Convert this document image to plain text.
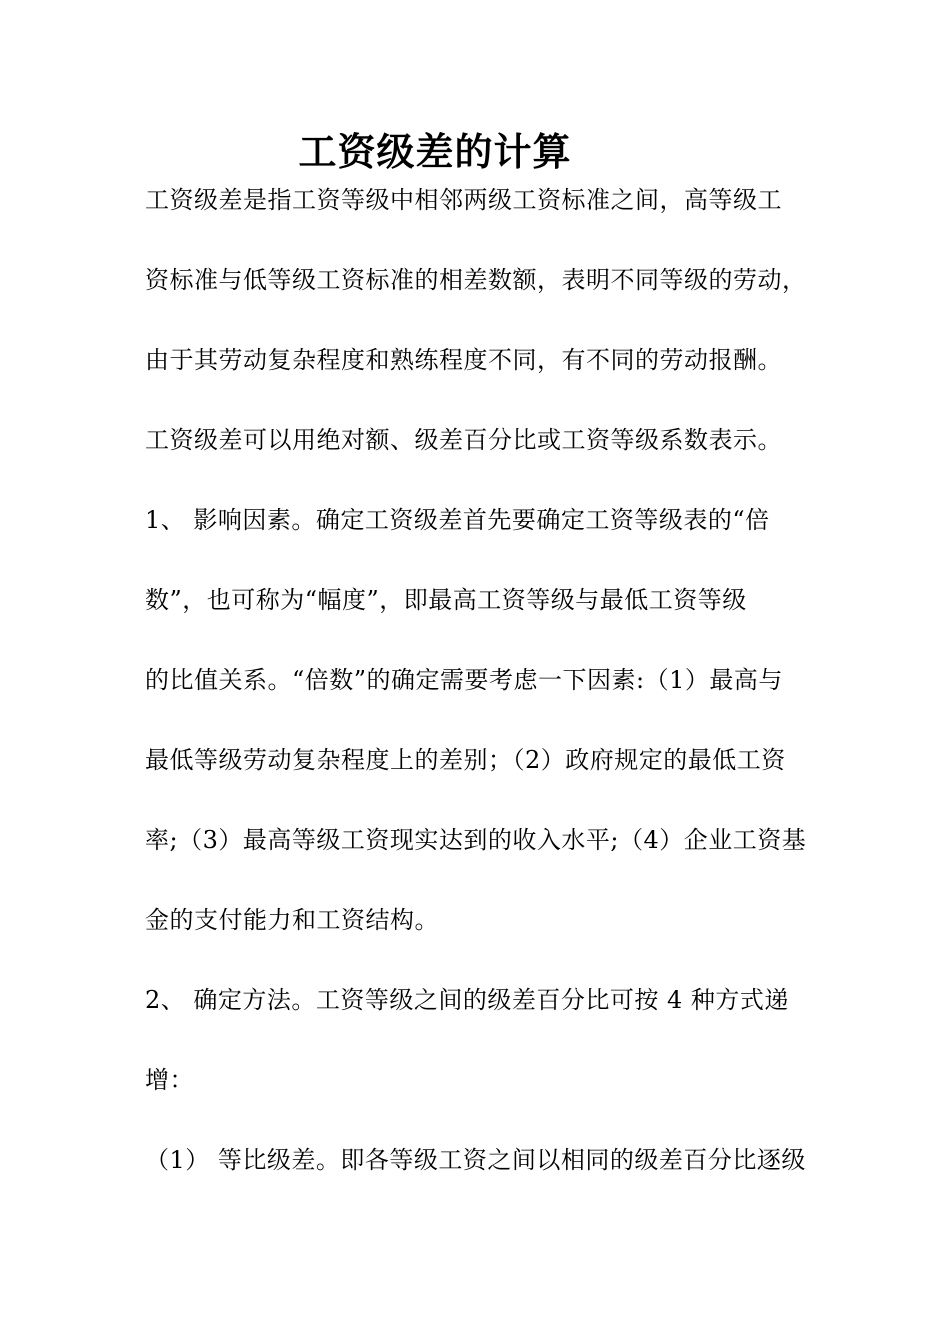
工资级差的计算
工资级差是指工资等级中相邻两级工资标准之间，高等级工
资标准与低等级工资标准的相差数额，表明不同等级的劳动，
由于其劳动复杂程度和熟练程度不同，有不同的劳动报酬。
工资级差可以用绝对额、级差百分比或工资等级系数表示。
1、 影响因素。确定工资级差首先要确定工资等级表的“倍
数”，也可称为“幅度”，即最高工资等级与最低工资等级
的比值关系。“倍数”的确定需要考虑一下因素:（1）最高与
最低等级劳动复杂程度上的差别；（2）政府规定的最低工资
率;（3）最高等级工资现实达到的收入水平;（4）企业工资基
金的支付能力和工资结构。
2、 确定方法。工资等级之间的级差百分比可按 4 种方式递
增：
（1） 等比级差。即各等级工资之间以相同的级差百分比逐级
